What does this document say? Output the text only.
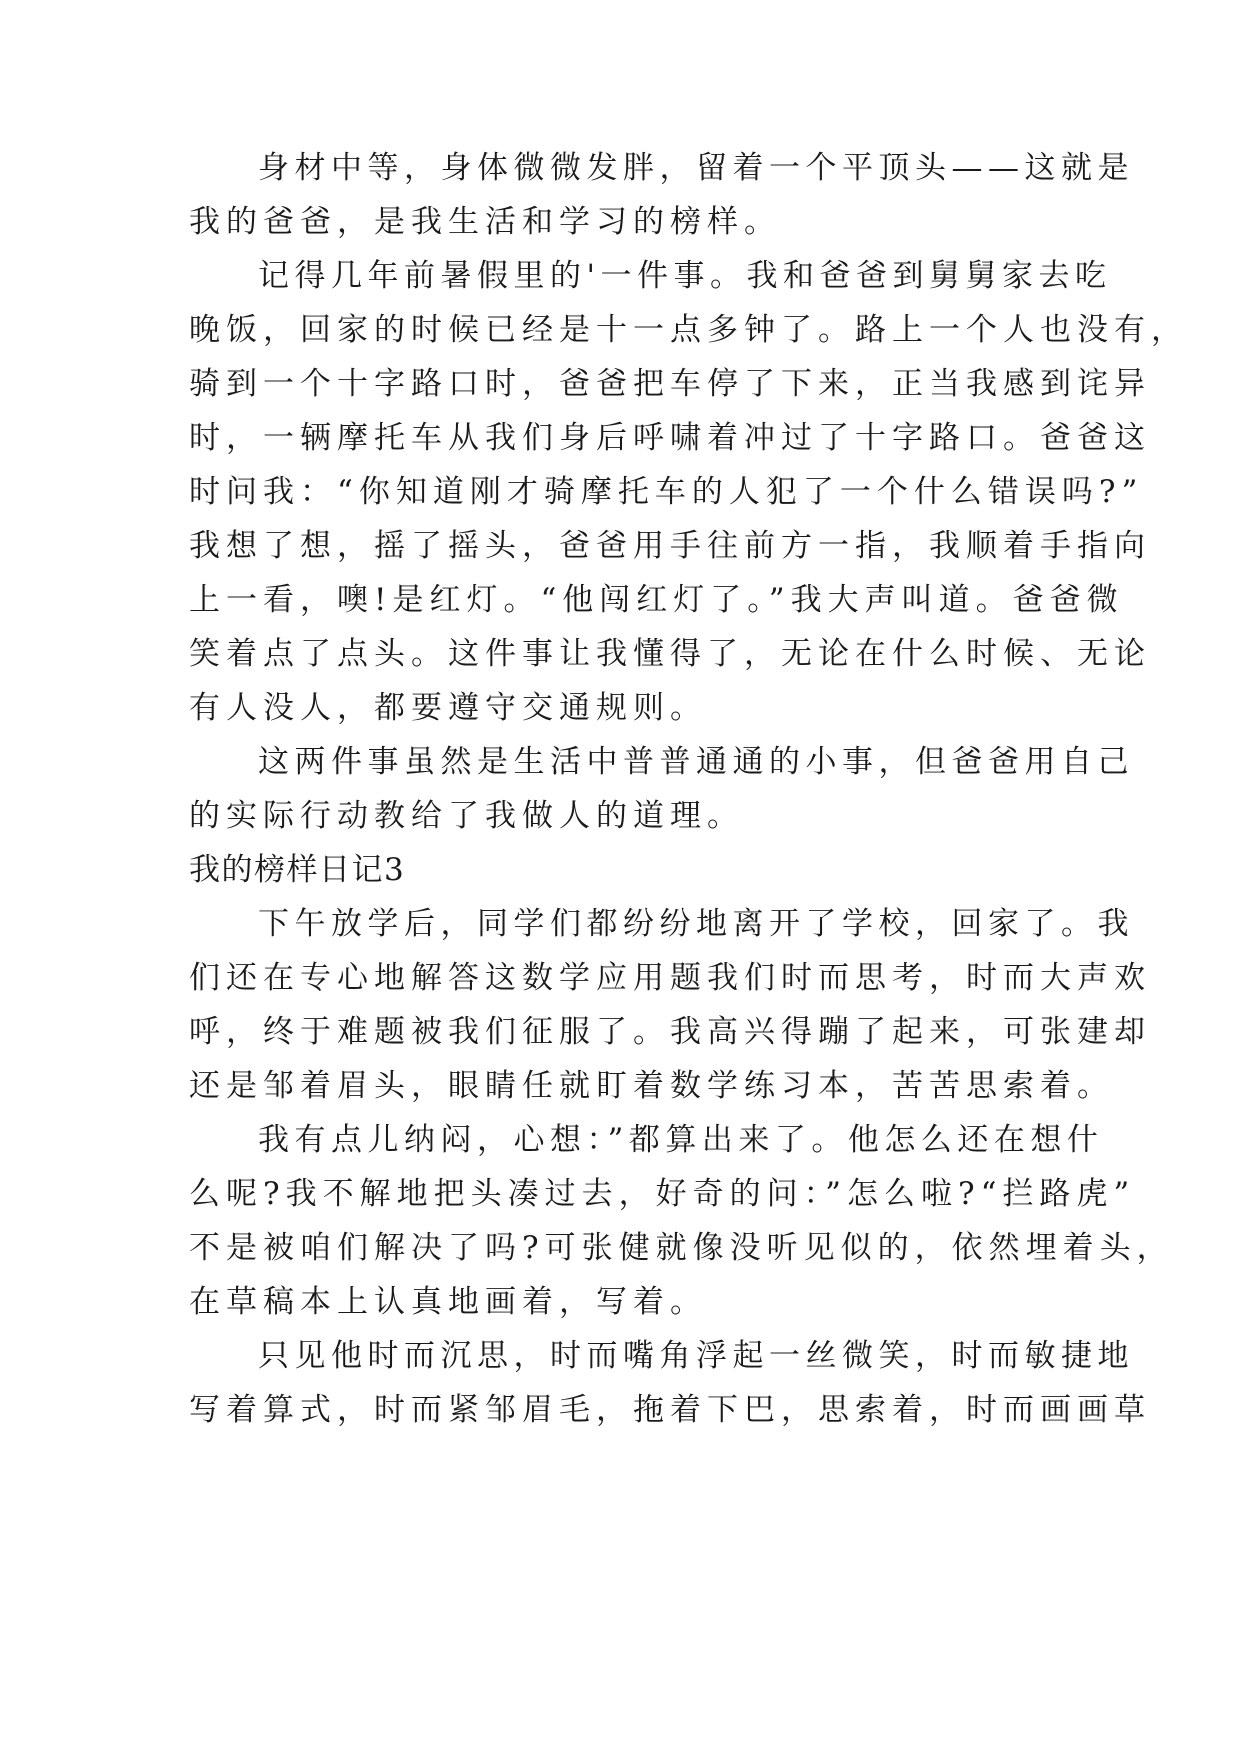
身材中等，身体微微发胖，留着一个平顶头——这就是

我的爸爸，是我生活和学习的榜样。

记得几年前暑假里的'一件事。我和爸爸到舅舅家去吃

晚饭，回家的时候已经是十一点多钟了。路上一个人也没有，

骑到一个十字路口时，爸爸把车停了下来，正当我感到诧异

时，一辆摩托车从我们身后呼啸着冲过了十字路口。爸爸这

时问我：“你知道刚才骑摩托车的人犯了一个什么错误吗?”

我想了想，摇了摇头，爸爸用手往前方一指，我顺着手指向

上一看，噢!是红灯。“他闯红灯了。”我大声叫道。爸爸微

笑着点了点头。这件事让我懂得了，无论在什么时候、无论

有人没人，都要遵守交通规则。

这两件事虽然是生活中普普通通的小事，但爸爸用自己

的实际行动教给了我做人的道理。

我的榜样日记3

下午放学后，同学们都纷纷地离开了学校，回家了。我

们还在专心地解答这数学应用题我们时而思考，时而大声欢

呼，终于难题被我们征服了。我高兴得蹦了起来，可张建却

还是邹着眉头，眼睛任就盯着数学练习本，苦苦思索着。

我有点儿纳闷，心想：”都算出来了。他怎么还在想什

么呢?我不解地把头凑过去，好奇的问：”怎么啦?“拦路虎”

不是被咱们解决了吗?可张健就像没听见似的，依然埋着头，

在草稿本上认真地画着，写着。

只见他时而沉思，时而嘴角浮起一丝微笑，时而敏捷地

写着算式，时而紧邹眉毛，拖着下巴，思索着，时而画画草
